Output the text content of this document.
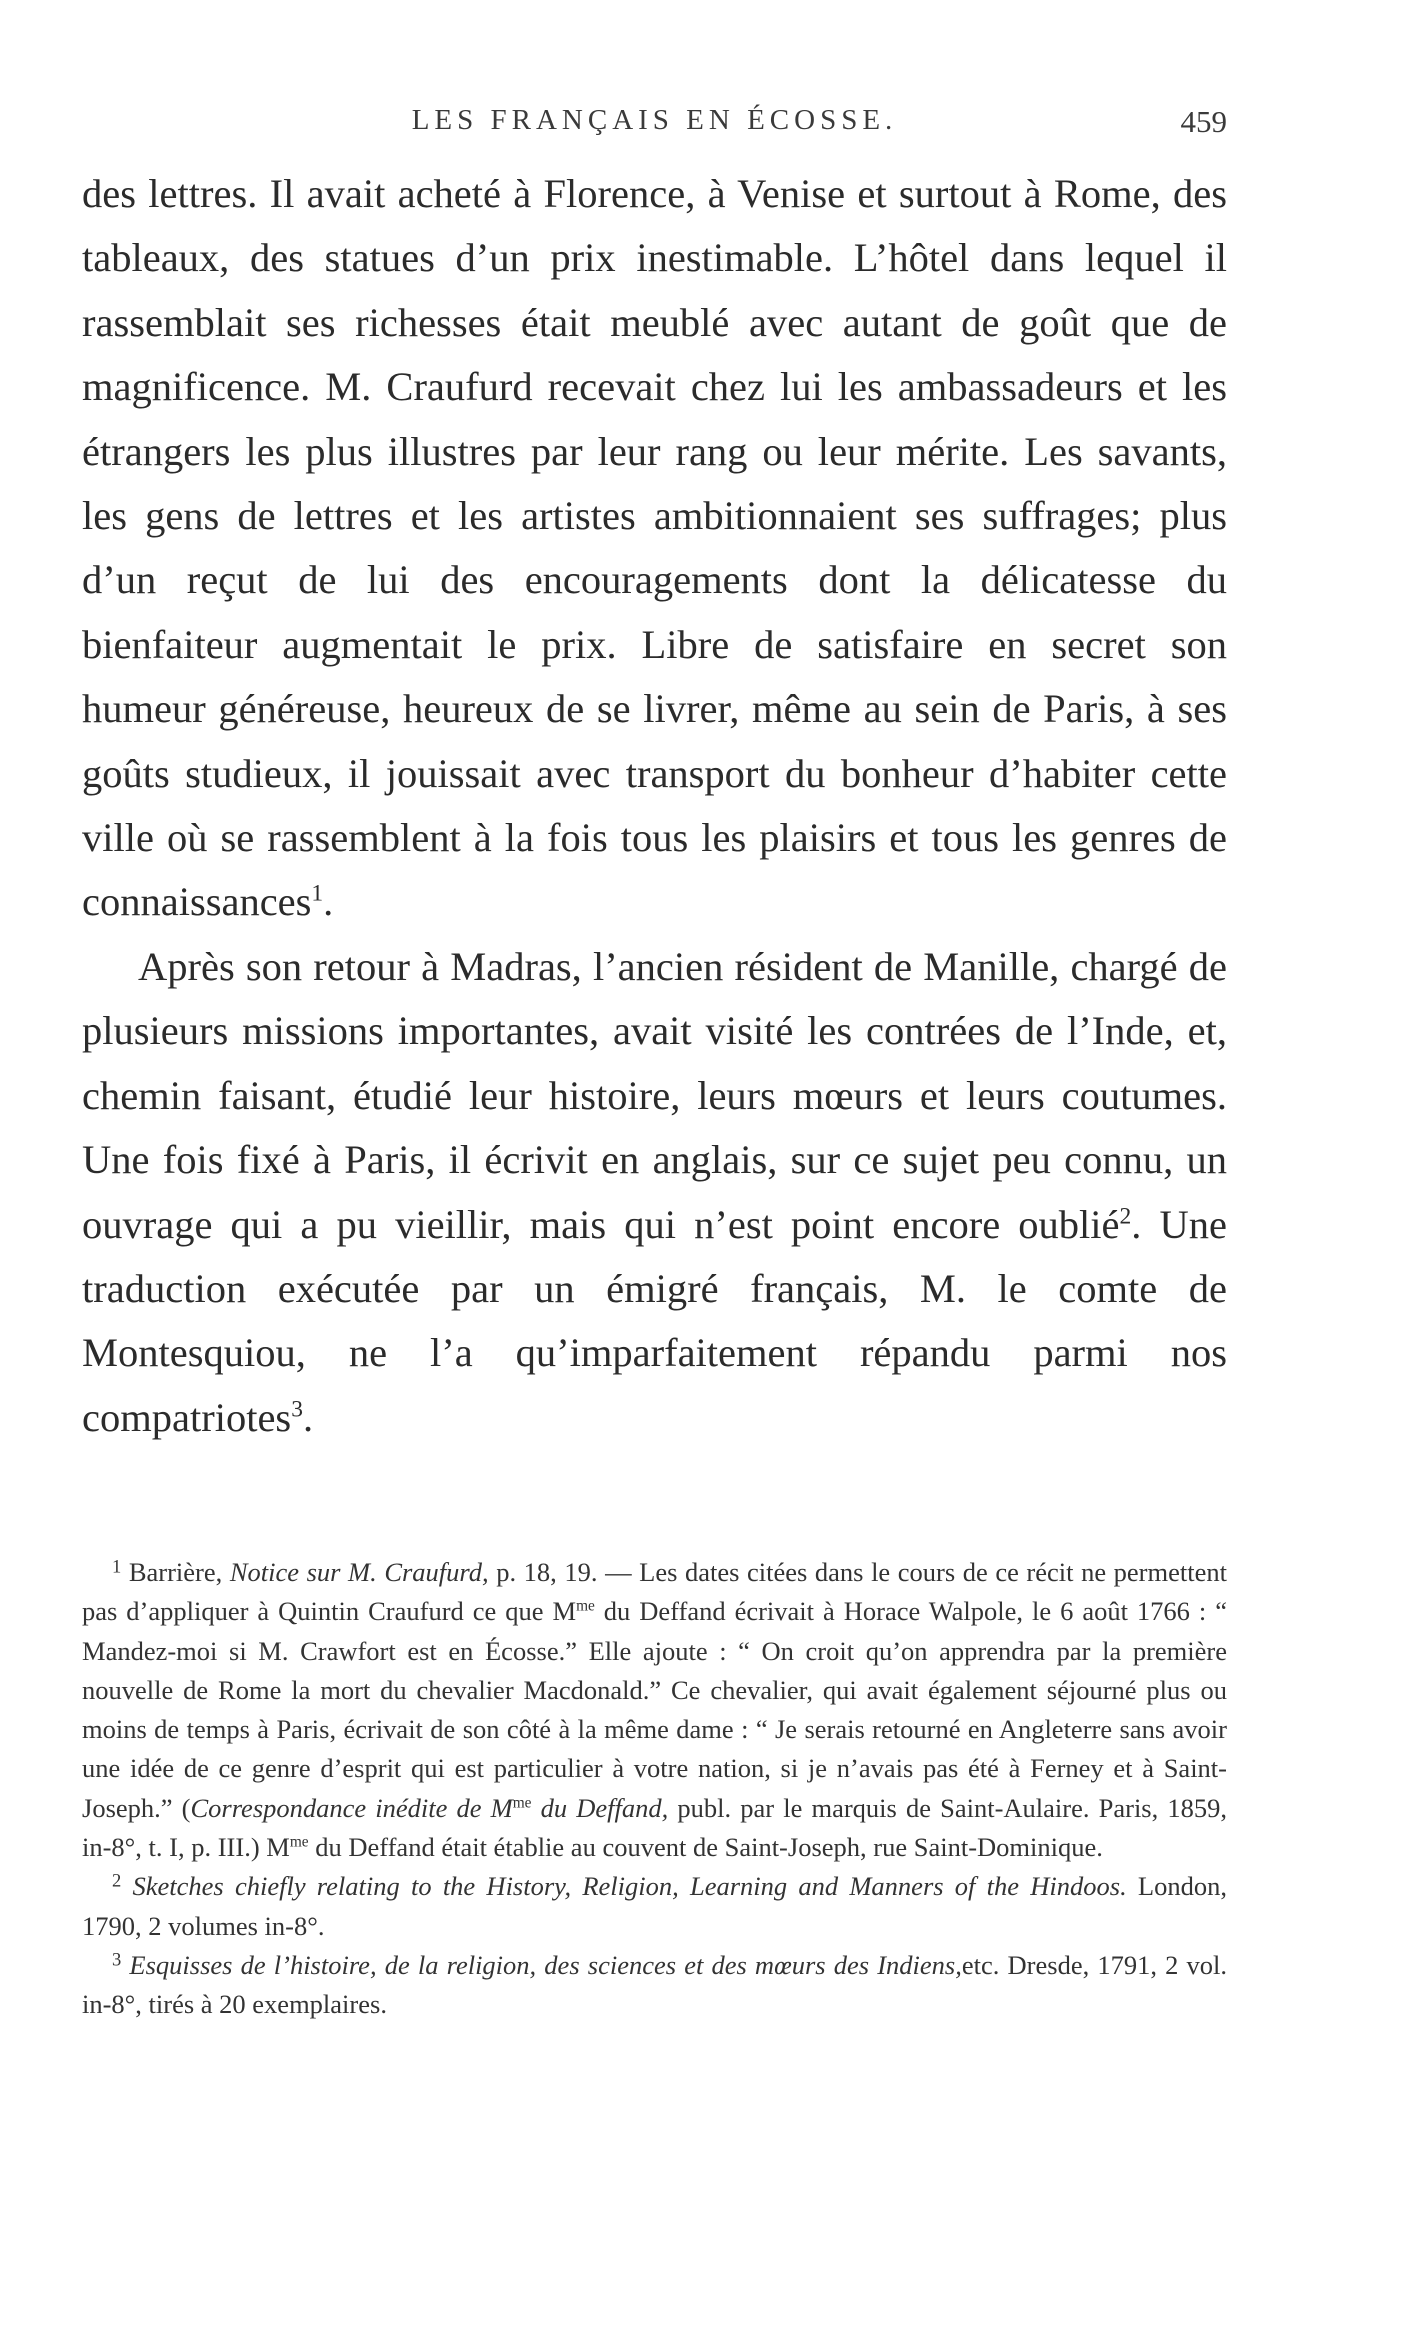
LES FRANÇAIS EN ÉCOSSE.	459

des lettres. Il avait acheté à Florence, à Venise et surtout à Rome, des tableaux, des statues d’un prix inestimable. L’hôtel dans lequel il rassemblait ses richesses était meublé avec autant de goût que de magnificence. M. Craufurd recevait chez lui les ambassadeurs et les étrangers les plus illustres par leur rang ou leur mérite. Les savants, les gens de lettres et les artistes ambitionnaient ses suffrages; plus d’un reçut de lui des encouragements dont la délicatesse du bienfaiteur augmentait le prix. Libre de satisfaire en secret son humeur généreuse, heureux de se livrer, même au sein de Paris, à ses goûts studieux, il jouissait avec transport du bonheur d’habiter cette ville où se rassemblent à la fois tous les plaisirs et tous les genres de connaissances$^1$.

Après son retour à Madras, l’ancien résident de Manille, chargé de plusieurs missions importantes, avait visité les contrées de l’Inde, et, chemin faisant, étudié leur histoire, leurs mœurs et leurs coutumes. Une fois fixé à Paris, il écrivit en anglais, sur ce sujet peu connu, un ouvrage qui a pu vieillir, mais qui n’est point encore oublié$^2$. Une traduction exécutée par un émigré français, M. le comte de Montesquiou, ne l’a qu’imparfaitement répandu parmi nos compatriotes$^3$.

$^1$ Barrière, Notice sur M. Craufurd, p. 18, 19. — Les dates citées dans le cours de ce récit ne permettent pas d’appliquer à Quintin Craufurd ce que $M^{me}$ du Deffand écrivait à Horace Walpole, le 6 août 1766 : “ Mandez-moi si M. Crawfort est en Écosse.” Elle ajoute : “ On croit qu’on apprendra par la première nouvelle de Rome la mort du chevalier Macdonald.” Ce chevalier, qui avait également séjourné plus ou moins de temps à Paris, écrivait de son côté à la même dame : “ Je serais retourné en Angleterre sans avoir une idée de ce genre d’esprit qui est particulier à votre nation, si je n’avais pas été à Ferney et à Saint-Joseph.” (Correspondance inédite de $M^{me}$ du Deffand, publ. par le marquis de Saint-Aulaire. Paris, 1859, in-8°, t. I, p. III.) $M^{me}$ du Deffand était établie au couvent de Saint-Joseph, rue Saint-Dominique.

$^2$ Sketches chiefly relating to the History, Religion, Learning and Manners of the Hindoos. London, 1790, 2 volumes in-8°.

$^3$ Esquisses de l’histoire, de la religion, des sciences et des mœurs des Indiens,etc. Dresde, 1791, 2 vol. in-8°, tirés à 20 exemplaires.
